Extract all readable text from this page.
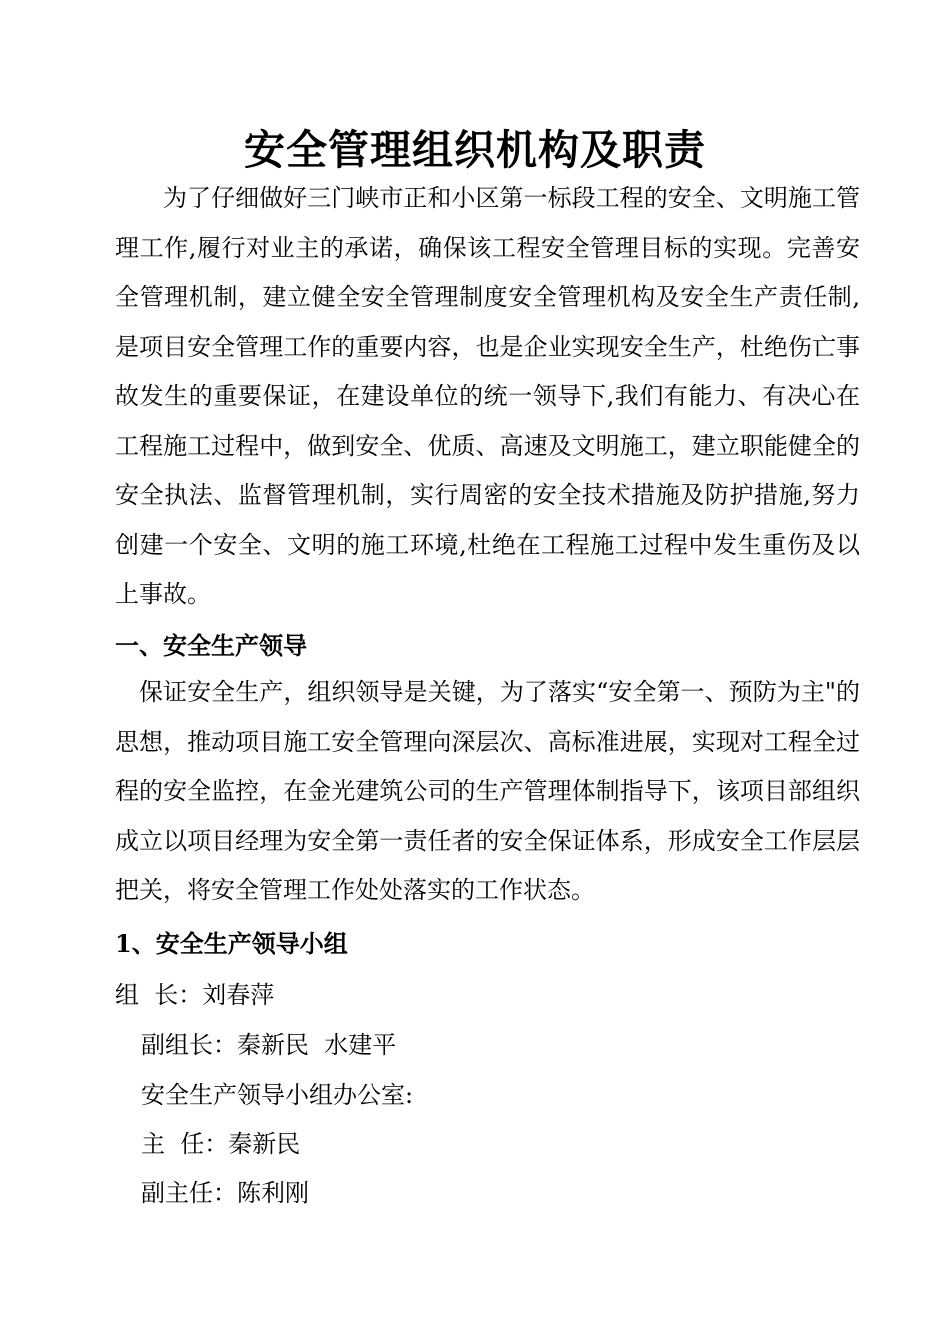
安全管理组织机构及职责

为了仔细做好三门峡市正和小区第一标段工程的安全、文明施工管理工作,履行对业主的承诺，确保该工程安全管理目标的实现。完善安全管理机制，建立健全安全管理制度安全管理机构及安全生产责任制,是项目安全管理工作的重要内容，也是企业实现安全生产，杜绝伤亡事故发生的重要保证，在建设单位的统一领导下,我们有能力、有决心在工程施工过程中，做到安全、优质、高速及文明施工，建立职能健全的安全执法、监督管理机制，实行周密的安全技术措施及防护措施,努力创建一个安全、文明的施工环境,杜绝在工程施工过程中发生重伤及以上事故。

一、安全生产领导

保证安全生产，组织领导是关键，为了落实“安全第一、预防为主"的思想，推动项目施工安全管理向深层次、高标准进展，实现对工程全过程的安全监控，在金光建筑公司的生产管理体制指导下，该项目部组织成立以项目经理为安全第一责任者的安全保证体系，形成安全工作层层把关，将安全管理工作处处落实的工作状态。

1、安全生产领导小组
组  长：刘春萍
副组长：秦新民  水建平
安全生产领导小组办公室:
主  任：秦新民
副主任：陈利刚
